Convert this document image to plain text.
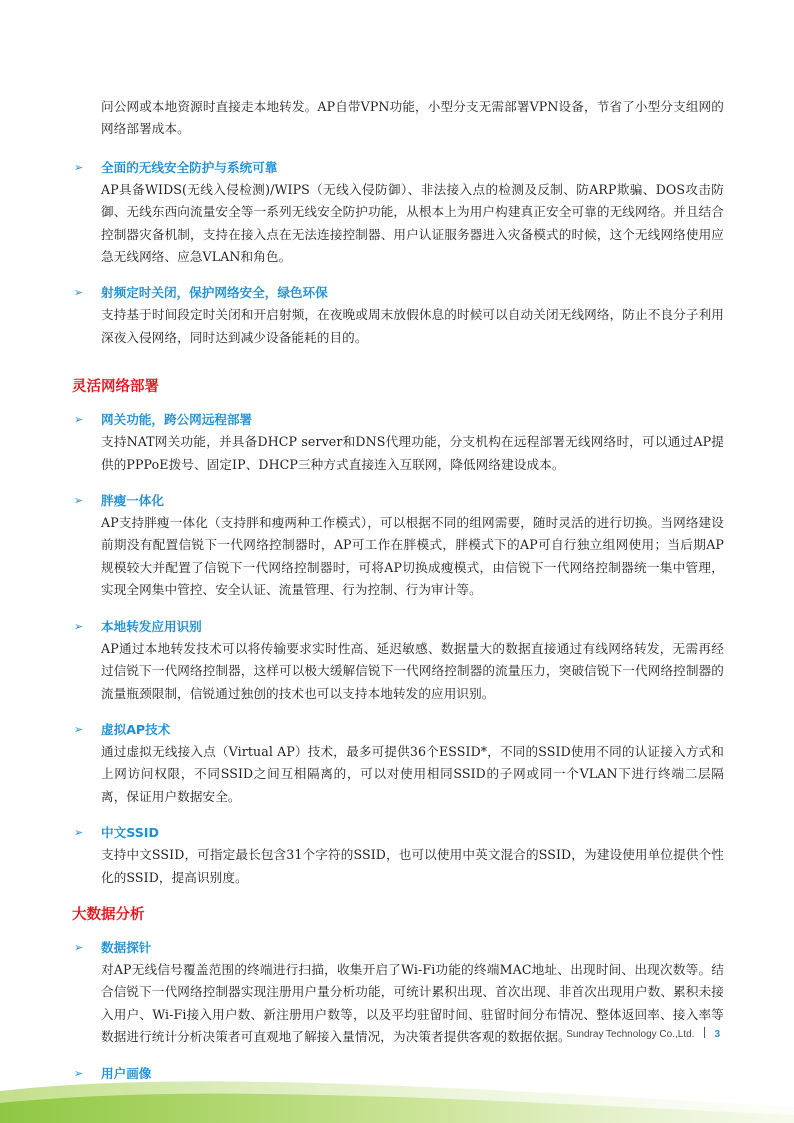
问公网或本地资源时直接走本地转发。AP自带VPN功能，小型分支无需部署VPN设备，节省了小型分支组网的网络部署成本。

➢ 全面的无线安全防护与系统可靠

AP具备WIDS(无线入侵检测)/WIPS（无线入侵防御）、非法接入点的检测及反制、防ARP欺骗、DOS攻击防御、无线东西向流量安全等一系列无线安全防护功能，从根本上为用户构建真正安全可靠的无线网络。并且结合控制器灾备机制，支持在接入点在无法连接控制器、用户认证服务器进入灾备模式的时候，这个无线网络使用应急无线网络、应急VLAN和角色。

➢ 射频定时关闭，保护网络安全，绿色环保

支持基于时间段定时关闭和开启射频，在夜晚或周末放假休息的时候可以自动关闭无线网络，防止不良分子利用深夜入侵网络，同时达到减少设备能耗的目的。

灵活网络部署
➢ 网关功能，跨公网远程部署

支持NAT网关功能，并具备DHCP server和DNS代理功能，分支机构在远程部署无线网络时，可以通过AP提供的PPPoE拨号、固定IP、DHCP三种方式直接连入互联网，降低网络建设成本。

➢ 胖瘦一体化

AP支持胖瘦一体化（支持胖和瘦两种工作模式），可以根据不同的组网需要，随时灵活的进行切换。当网络建设前期没有配置信锐下一代网络控制器时，AP可工作在胖模式，胖模式下的AP可自行独立组网使用；当后期AP规模较大并配置了信锐下一代网络控制器时，可将AP切换成瘦模式，由信锐下一代网络控制器统一集中管理，实现全网集中管控、安全认证、流量管理、行为控制、行为审计等。

➢ 本地转发应用识别

AP通过本地转发技术可以将传输要求实时性高、延迟敏感、数据量大的数据直接通过有线网络转发，无需再经过信锐下一代网络控制器，这样可以极大缓解信锐下一代网络控制器的流量压力，突破信锐下一代网络控制器的流量瓶颈限制，信锐通过独创的技术也可以支持本地转发的应用识别。

➢ 虚拟AP技术

通过虚拟无线接入点（Virtual AP）技术，最多可提供36个ESSID*，不同的SSID使用不同的认证接入方式和上网访问权限，不同SSID之间互相隔离的，可以对使用相同SSID的子网或同一个VLAN下进行终端二层隔离，保证用户数据安全。

➢ 中文SSID

支持中文SSID，可指定最长包含31个字符的SSID，也可以使用中英文混合的SSID，为建设使用单位提供个性化的SSID，提高识别度。

大数据分析
➢ 数据探针

对AP无线信号覆盖范围的终端进行扫描，收集开启了Wi-Fi功能的终端MAC地址、出现时间、出现次数等。结合信锐下一代网络控制器实现注册用户量分析功能，可统计累积出现、首次出现、非首次出现用户数、累积未接入用户、Wi-Fi接入用户数、新注册用户数等，以及平均驻留时间、驻留时间分布情况、整体返回率、接入率等数据进行统计分析决策者可直观地了解接入量情况，为决策者提供客观的数据依据。

➢ 用户画像
Sundray Technology Co.,Ltd. 3
